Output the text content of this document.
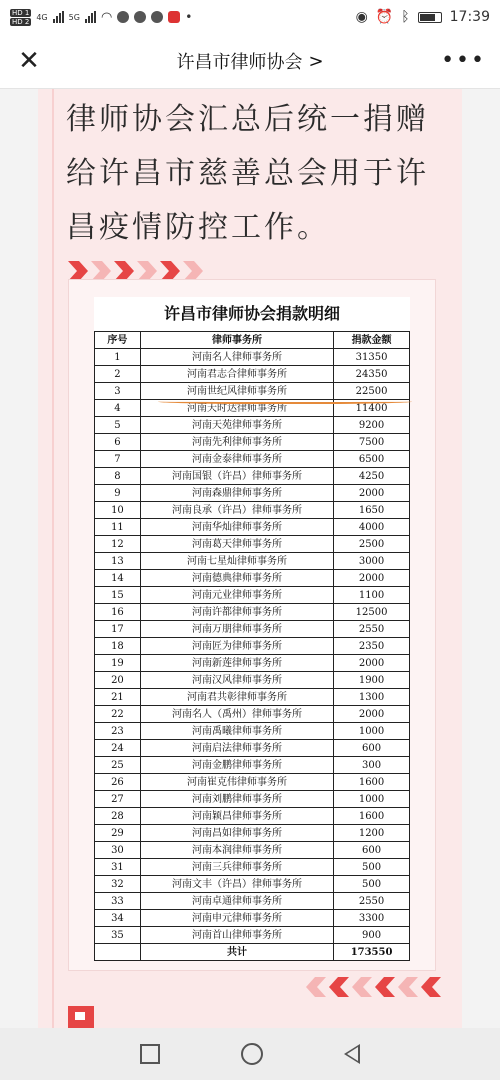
HD 1
HD 2 4G	5G ◠	•	◉ ⏰ ᛒ	17:39
✕	许昌市律师协会 >	•••
律师协会汇总后统一捐赠给许昌市慈善总会用于许昌疫情防控工作。
许昌市律师协会捐款明细
序号	律师事务所	捐款金额
1	河南名人律师事务所	31350
2	河南君志合律师事务所	24350
3	河南世纪风律师事务所	22500
4	河南天时达律师事务所	11400
5	河南天苑律师事务所	9200
6	河南先利律师事务所	7500
7	河南金泰律师事务所	6500
8	河南国银（许昌）律师事务所	4250
9	河南森鼎律师事务所	2000
10	河南良承（许昌）律师事务所	1650
11	河南华灿律师事务所	4000
12	河南葛天律师事务所	2500
13	河南七星灿律师事务所	3000
14	河南德典律师事务所	2000
15	河南元业律师事务所	1100
16	河南许都律师事务所	12500
17	河南万朋律师事务所	2550
18	河南匠为律师事务所	2350
19	河南新莲律师事务所	2000
20	河南汉风律师事务所	1900
21	河南君共彰律师事务所	1300
22	河南名人（禹州）律师事务所	2000
23	河南禹曦律师事务所	1000
24	河南启法律师事务所	600
25	河南金鹏律师事务所	300
26	河南崔克伟律师事务所	1600
27	河南刘鹏律师事务所	1000
28	河南颖昌律师事务所	1600
29	河南昌如律师事务所	1200
30	河南本润律师事务所	600
31	河南三兵律师事务所	500
32	河南文丰（许昌）律师事务所	500
33	河南卓通律师事务所	2550
34	河南申元律师事务所	3300
35	河南首山律师事务所	900
	共计	173550
